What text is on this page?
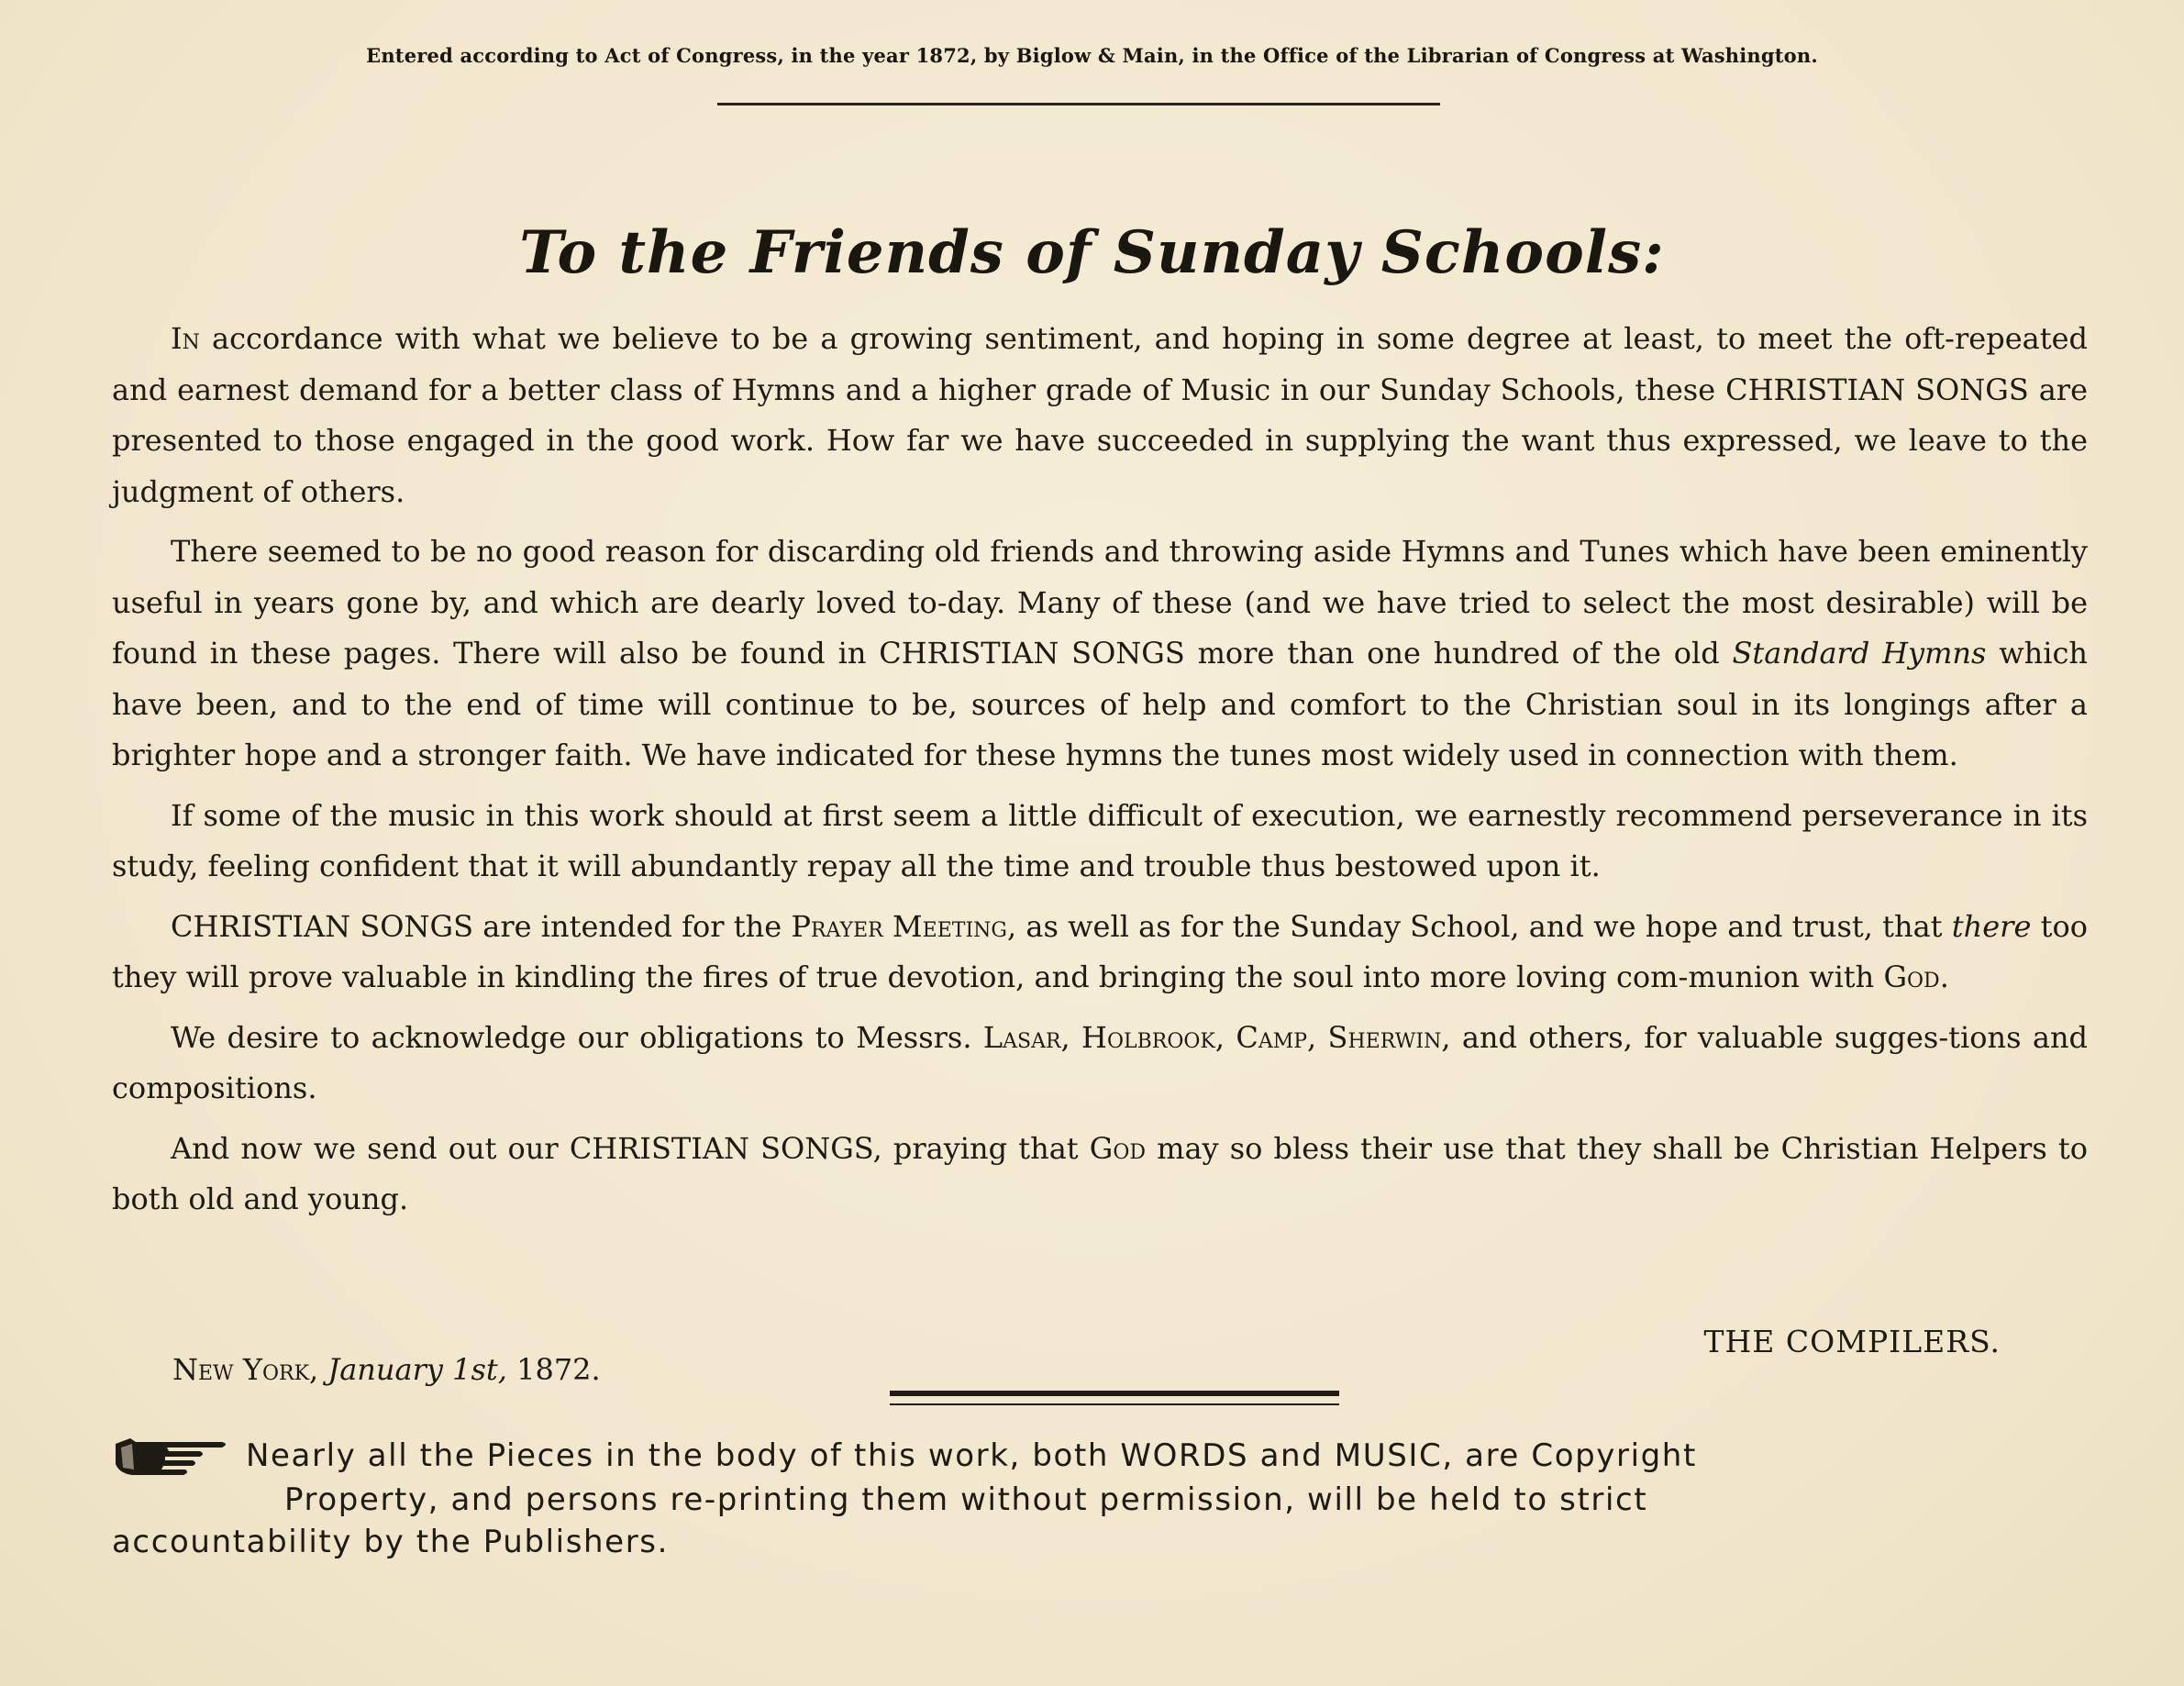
Entered according to Act of Congress, in the year 1872, by Biglow & Main, in the Office of the Librarian of Congress at Washington.
To the Friends of Sunday Schools:

In accordance with what we believe to be a growing sentiment, and hoping in some degree at least, to meet the oft-repeated and earnest demand for a better class of Hymns and a higher grade of Music in our Sunday Schools, these CHRISTIAN SONGS are presented to those engaged in the good work. How far we have succeeded in supplying the want thus expressed, we leave to the judgment of others.

There seemed to be no good reason for discarding old friends and throwing aside Hymns and Tunes which have been eminently useful in years gone by, and which are dearly loved to-day. Many of these (and we have tried to select the most desirable) will be found in these pages. There will also be found in CHRISTIAN SONGS more than one hundred of the old Standard Hymns which have been, and to the end of time will continue to be, sources of help and comfort to the Christian soul in its longings after a brighter hope and a stronger faith. We have indicated for these hymns the tunes most widely used in connection with them.

If some of the music in this work should at first seem a little difficult of execution, we earnestly recommend perseverance in its study, feeling confident that it will abundantly repay all the time and trouble thus bestowed upon it.

CHRISTIAN SONGS are intended for the Prayer Meeting, as well as for the Sunday School, and we hope and trust, that there too they will prove valuable in kindling the fires of true devotion, and bringing the soul into more loving com-munion with God.

We desire to acknowledge our obligations to Messrs. Lasar, Holbrook, Camp, Sherwin, and others, for valuable sugges-tions and compositions.

And now we send out our CHRISTIAN SONGS, praying that God may so bless their use that they shall be Christian Helpers to both old and young.

THE COMPILERS.
New York, January 1st, 1872.
Nearly all the Pieces in the body of this work, both WORDS and MUSIC, are Copyright
Property, and persons re-printing them without permission, will be held to strict
accountability by the Publishers.
